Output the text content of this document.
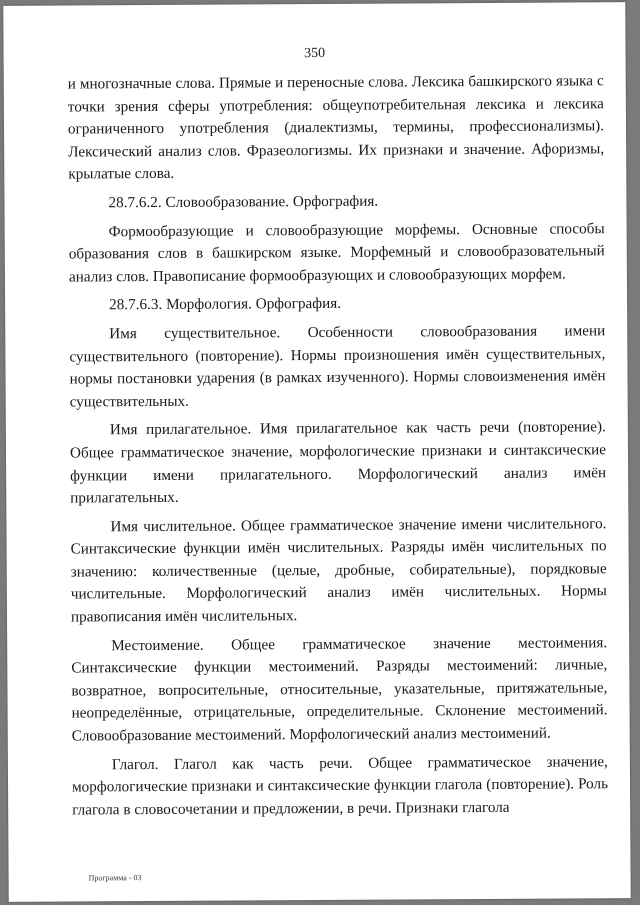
350

и многозначные слова. Прямые и переносные слова. Лексика башкирского языка с точки зрения сферы употребления: общеупотребительная лексика и лексика ограниченного употребления (диалектизмы, термины, профессионализмы). Лексический анализ слов. Фразеологизмы. Их признаки и значение. Афоризмы, крылатые слова.

28.7.6.2. Словообразование. Орфография.

Формообразующие и словообразующие морфемы. Основные способы образования слов в башкирском языке. Морфемный и словообразовательный анализ слов. Правописание формообразующих и словообразующих морфем.

28.7.6.3. Морфология. Орфография.

Имя существительное. Особенности словообразования имени существительного (повторение). Нормы произношения имён существительных, нормы постановки ударения (в рамках изученного). Нормы словоизменения имён существительных.

Имя прилагательное. Имя прилагательное как часть речи (повторение). Общее грамматическое значение, морфологические признаки и синтаксические функции имени прилагательного. Морфологический анализ имён прилагательных.

Имя числительное. Общее грамматическое значение имени числительного. Синтаксические функции имён числительных. Разряды имён числительных по значению: количественные (целые, дробные, собирательные), порядковые числительные. Морфологический анализ имён числительных. Нормы правописания имён числительных.

Местоимение. Общее грамматическое значение местоимения. Синтаксические функции местоимений. Разряды местоимений: личные, возвратное, вопросительные, относительные, указательные, притяжательные, неопределённые, отрицательные, определительные. Склонение местоимений. Словообразование местоимений. Морфологический анализ местоимений.

Глагол. Глагол как часть речи. Общее грамматическое значение, морфологические признаки и синтаксические функции глагола (повторение). Роль глагола в словосочетании и предложении, в речи. Признаки глагола

Программа - 03
